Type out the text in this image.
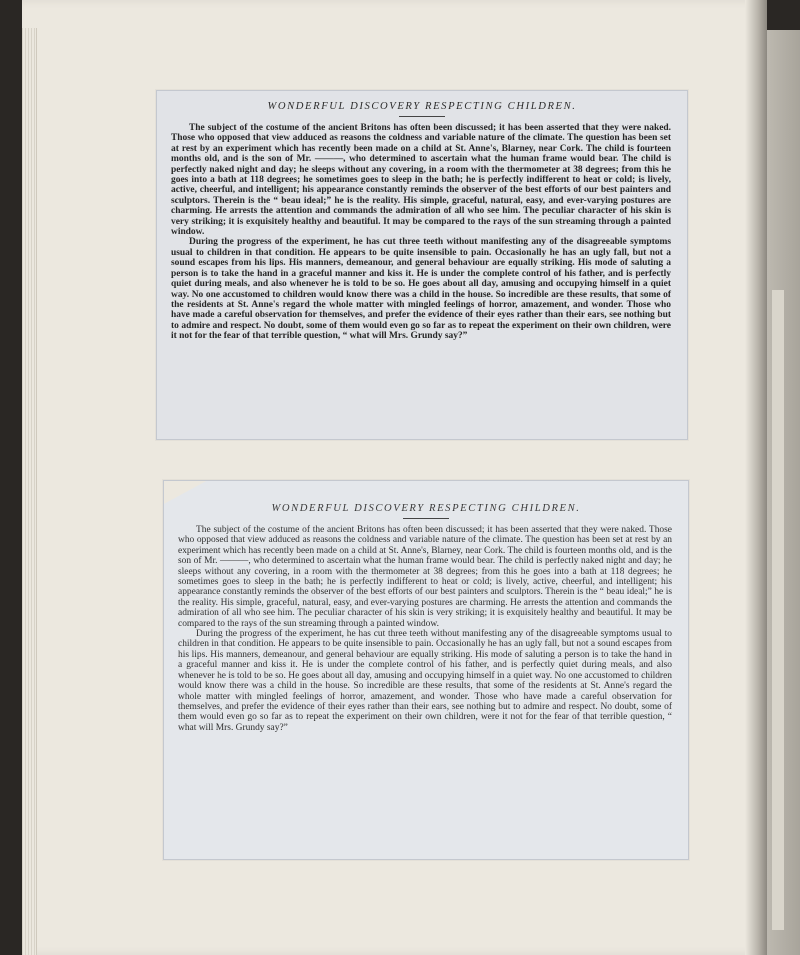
WONDERFUL DISCOVERY RESPECTING CHILDREN.

The subject of the costume of the ancient Britons has often been discussed; it has been asserted that they were naked. Those who opposed that view adduced as reasons the coldness and variable nature of the climate. The question has been set at rest by an experiment which has recently been made on a child at St. Anne's, Blarney, near Cork. The child is fourteen months old, and is the son of Mr. ———, who determined to ascertain what the human frame would bear. The child is perfectly naked night and day; he sleeps without any covering, in a room with the thermometer at 38 degrees; from this he goes into a bath at 118 degrees; he sometimes goes to sleep in the bath; he is perfectly indifferent to heat or cold; is lively, active, cheerful, and intelligent; his appearance constantly reminds the observer of the best efforts of our best painters and sculptors. Therein is the “ beau ideal;” he is the reality. His simple, graceful, natural, easy, and ever-varying postures are charming. He arrests the attention and commands the admiration of all who see him. The peculiar character of his skin is very striking; it is exquisitely healthy and beautiful. It may be compared to the rays of the sun streaming through a painted window.

During the progress of the experiment, he has cut three teeth without manifesting any of the disagreeable symptoms usual to children in that condition. He appears to be quite insensible to pain. Occasionally he has an ugly fall, but not a sound escapes from his lips. His manners, demeanour, and general behaviour are equally striking. His mode of saluting a person is to take the hand in a graceful manner and kiss it. He is under the complete control of his father, and is perfectly quiet during meals, and also whenever he is told to be so. He goes about all day, amusing and occupying himself in a quiet way. No one accustomed to children would know there was a child in the house. So incredible are these results, that some of the residents at St. Anne's regard the whole matter with mingled feelings of horror, amazement, and wonder. Those who have made a careful observation for themselves, and prefer the evidence of their eyes rather than their ears, see nothing but to admire and respect. No doubt, some of them would even go so far as to repeat the experiment on their own children, were it not for the fear of that terrible question, “ what will Mrs. Grundy say?”

WONDERFUL DISCOVERY RESPECTING CHILDREN.

The subject of the costume of the ancient Britons has often been discussed; it has been asserted that they were naked. Those who opposed that view adduced as reasons the coldness and variable nature of the climate. The question has been set at rest by an experiment which has recently been made on a child at St. Anne's, Blarney, near Cork. The child is fourteen months old, and is the son of Mr. ———, who determined to ascertain what the human frame would bear. The child is perfectly naked night and day; he sleeps without any covering, in a room with the thermometer at 38 degrees; from this he goes into a bath at 118 degrees; he sometimes goes to sleep in the bath; he is perfectly indifferent to heat or cold; is lively, active, cheerful, and intelligent; his appearance constantly reminds the observer of the best efforts of our best painters and sculptors. Therein is the “ beau ideal;” he is the reality. His simple, graceful, natural, easy, and ever-varying postures are charming. He arrests the attention and commands the admiration of all who see him. The peculiar character of his skin is very striking; it is exquisitely healthy and beautiful. It may be compared to the rays of the sun streaming through a painted window.

During the progress of the experiment, he has cut three teeth without manifesting any of the disagreeable symptoms usual to children in that condition. He appears to be quite insensible to pain. Occasionally he has an ugly fall, but not a sound escapes from his lips. His manners, demeanour, and general behaviour are equally striking. His mode of saluting a person is to take the hand in a graceful manner and kiss it. He is under the complete control of his father, and is perfectly quiet during meals, and also whenever he is told to be so. He goes about all day, amusing and occupying himself in a quiet way. No one accustomed to children would know there was a child in the house. So incredible are these results, that some of the residents at St. Anne's regard the whole matter with mingled feelings of horror, amazement, and wonder. Those who have made a careful observation for themselves, and prefer the evidence of their eyes rather than their ears, see nothing but to admire and respect. No doubt, some of them would even go so far as to repeat the experiment on their own children, were it not for the fear of that terrible question, “ what will Mrs. Grundy say?”
